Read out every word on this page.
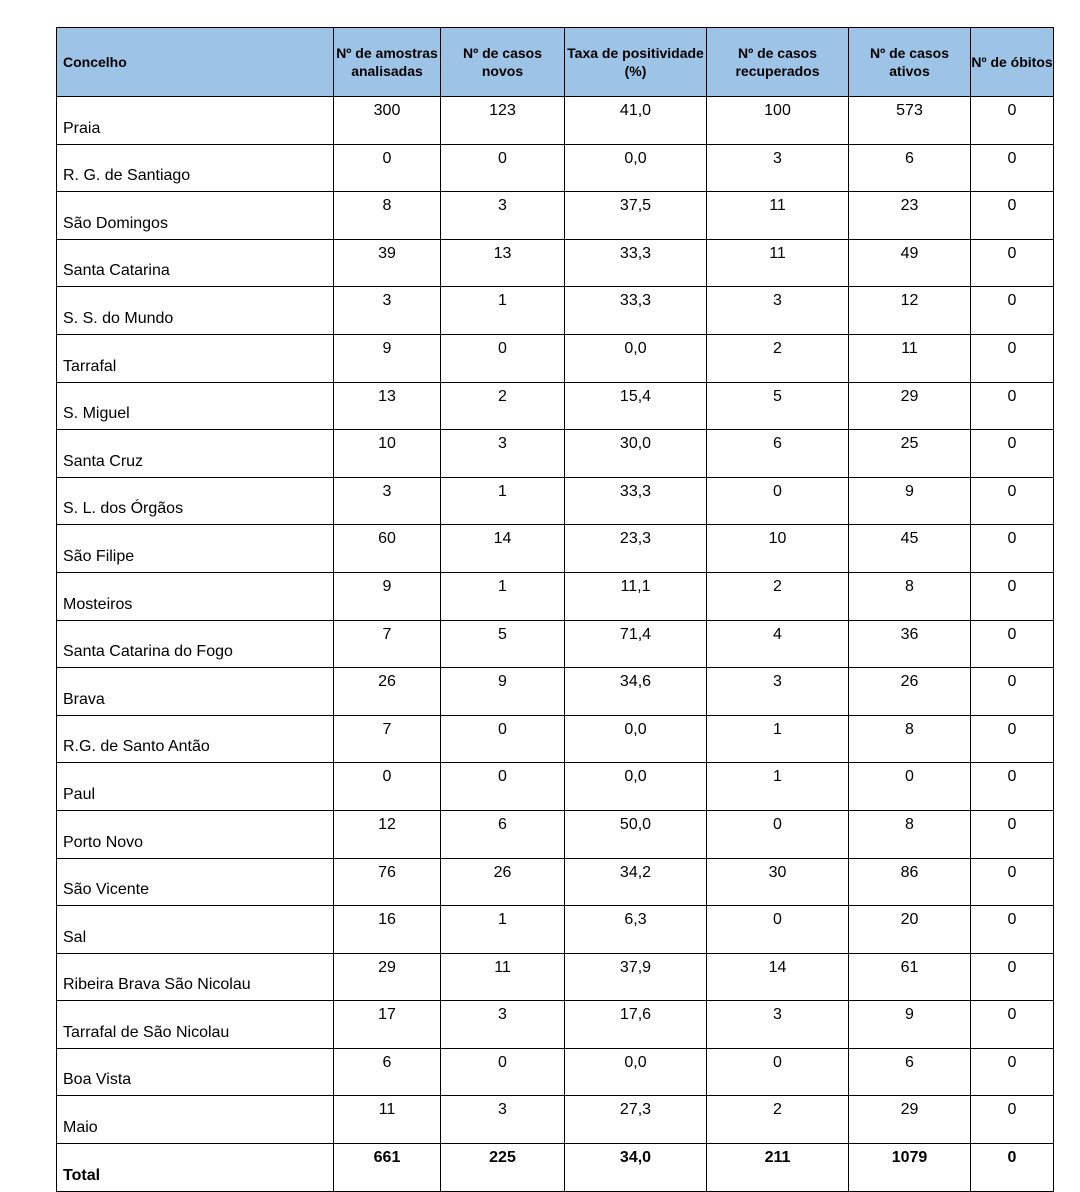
Concelho	Nº de amostras analisadas	Nº de casos novos	Taxa de positividade (%)	Nº de casos recuperados	Nº de casos ativos	Nº de óbitos
Praia	300	123	41,0	100	573	0
R. G. de Santiago	0	0	0,0	3	6	0
São Domingos	8	3	37,5	11	23	0
Santa Catarina	39	13	33,3	11	49	0
S. S. do Mundo	3	1	33,3	3	12	0
Tarrafal	9	0	0,0	2	11	0
S. Miguel	13	2	15,4	5	29	0
Santa Cruz	10	3	30,0	6	25	0
S. L. dos Órgãos	3	1	33,3	0	9	0
São Filipe	60	14	23,3	10	45	0
Mosteiros	9	1	11,1	2	8	0
Santa Catarina do Fogo	7	5	71,4	4	36	0
Brava	26	9	34,6	3	26	0
R.G. de Santo Antão	7	0	0,0	1	8	0
Paul	0	0	0,0	1	0	0
Porto Novo	12	6	50,0	0	8	0
São Vicente	76	26	34,2	30	86	0
Sal	16	1	6,3	0	20	0
Ribeira Brava São Nicolau	29	11	37,9	14	61	0
Tarrafal de São Nicolau	17	3	17,6	3	9	0
Boa Vista	6	0	0,0	0	6	0
Maio	11	3	27,3	2	29	0
Total	661	225	34,0	211	1079	0
